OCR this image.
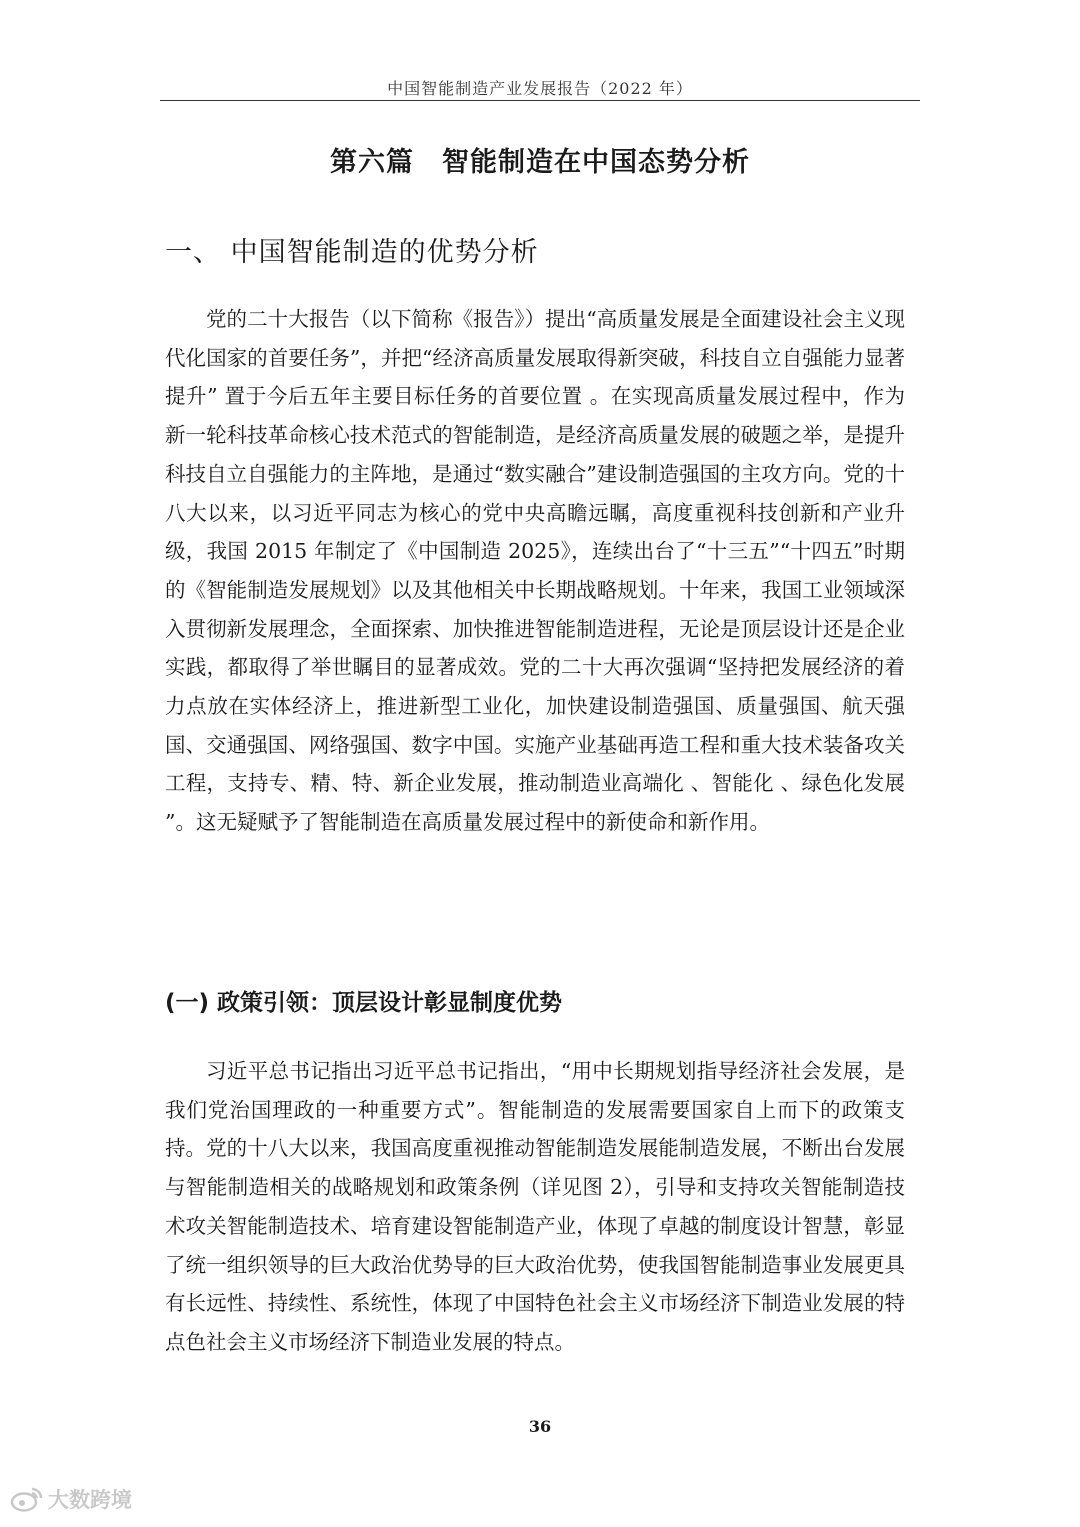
中国智能制造产业发展报告（2022 年）
第六篇　智能制造在中国态势分析
一、 中国智能制造的优势分析

党的二十大报告（以下简称《报告》）提出“高质量发展是全面建设社会主义现代化国家的首要任务”，并把“经济高质量发展取得新突破，科技自立自强能力显著提升” 置于今后五年主要目标任务的首要位置 。在实现高质量发展过程中，作为新一轮科技革命核心技术范式的智能制造，是经济高质量发展的破题之举，是提升科技自立自强能力的主阵地，是通过“数实融合”建设制造强国的主攻方向。党的十八大以来，以习近平同志为核心的党中央高瞻远瞩，高度重视科技创新和产业升级，我国 2015 年制定了《中国制造 2025》，连续出台了“十三五”“十四五”时期的《智能制造发展规划》以及其他相关中长期战略规划。十年来，我国工业领域深入贯彻新发展理念，全面探索、加快推进智能制造进程，无论是顶层设计还是企业实践，都取得了举世瞩目的显著成效。党的二十大再次强调“坚持把发展经济的着力点放在实体经济上，推进新型工业化，加快建设制造强国、质量强国、航天强国、交通强国、网络强国、数字中国。实施产业基础再造工程和重大技术装备攻关工程，支持专、精、特、新企业发展，推动制造业高端化 、智能化 、绿色化发展 ”。这无疑赋予了智能制造在高质量发展过程中的新使命和新作用。

(一) 政策引领：顶层设计彰显制度优势

习近平总书记指出习近平总书记指出，“用中长期规划指导经济社会发展，是我们党治国理政的一种重要方式”。智能制造的发展需要国家自上而下的政策支持。党的十八大以来，我国高度重视推动智能制造发展能制造发展，不断出台发展与智能制造相关的战略规划和政策条例（详见图 2），引导和支持攻关智能制造技术攻关智能制造技术、培育建设智能制造产业，体现了卓越的制度设计智慧，彰显了统一组织领导的巨大政治优势导的巨大政治优势，使我国智能制造事业发展更具有长远性、持续性、系统性，体现了中国特色社会主义市场经济下制造业发展的特点色社会主义市场经济下制造业发展的特点。

36
大数跨境
